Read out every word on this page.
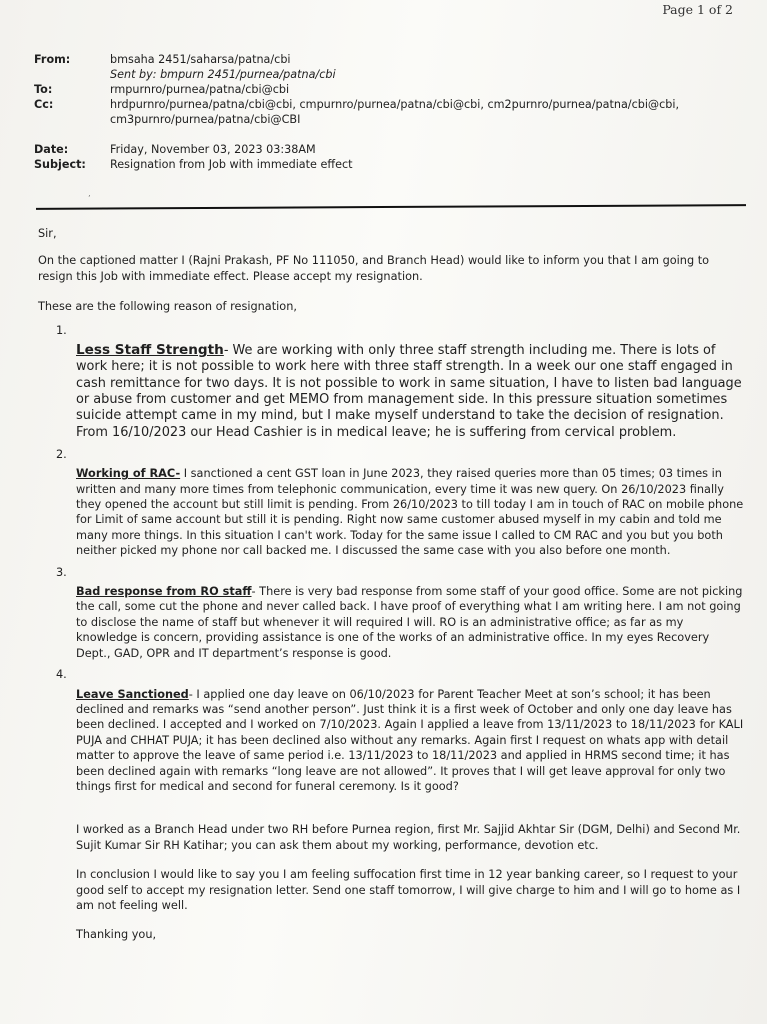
Page 1 of 2
From:	bmsaha 2451/saharsa/patna/cbi
Sent by: bmpurn 2451/purnea/patna/cbi
To:	rmpurnro/purnea/patna/cbi@cbi
Cc:	hrdpurnro/purnea/patna/cbi@cbi, cmpurnro/purnea/patna/cbi@cbi, cm2purnro/purnea/patna/cbi@cbi,
cm3purnro/purnea/patna/cbi@CBI
Date:	Friday, November 03, 2023 03:38AM
Subject:	Resignation from Job with immediate effect
’

Sir,

On the captioned matter I (Rajni Prakash, PF No 111050, and Branch Head) would like to inform you that I am going to resign this Job with immediate effect. Please accept my resignation.

These are the following reason of resignation,

1.
Less Staff Strength- We are working with only three staff strength including me. There is lots of work here; it is not possible to work here with three staff strength. In a week our one staff engaged in cash remittance for two days. It is not possible to work in same situation, I have to listen bad language or abuse from customer and get MEMO from management side. In this pressure situation sometimes suicide attempt came in my mind, but I make myself understand to take the decision of resignation. From 16/10/2023 our Head Cashier is in medical leave; he is suffering from cervical problem.
2.
Working of RAC- I sanctioned a cent GST loan in June 2023, they raised queries more than 05 times; 03 times in written and many more times from telephonic communication, every time it was new query. On 26/10/2023 finally they opened the account but still limit is pending. From 26/10/2023 to till today I am in touch of RAC on mobile phone for Limit of same account but still it is pending. Right now same customer abused myself in my cabin and told me many more things. In this situation I can't work. Today for the same issue I called to CM RAC and you but you both neither picked my phone nor call backed me. I discussed the same case with you also before one month.
3.
Bad response from RO staff- There is very bad response from some staff of your good office. Some are not picking the call, some cut the phone and never called back. I have proof of everything what I am writing here. I am not going to disclose the name of staff but whenever it will required I will. RO is an administrative office; as far as my knowledge is concern, providing assistance is one of the works of an administrative office. In my eyes Recovery Dept., GAD, OPR and IT department’s response is good.
4.
Leave Sanctioned- I applied one day leave on 06/10/2023 for Parent Teacher Meet at son’s school; it has been declined and remarks was “send another person”. Just think it is a first week of October and only one day leave has been declined. I accepted and I worked on 7/10/2023. Again I applied a leave from 13/11/2023 to 18/11/2023 for KALI PUJA and CHHAT PUJA; it has been declined also without any remarks. Again first I request on whats app with detail matter to approve the leave of same period i.e. 13/11/2023 to 18/11/2023 and applied in HRMS second time; it has been declined again with remarks “long leave are not allowed”. It proves that I will get leave approval for only two things first for medical and second for funeral ceremony. Is it good?

I worked as a Branch Head under two RH before Purnea region, first Mr. Sajjid Akhtar Sir (DGM, Delhi) and Second Mr. Sujit Kumar Sir RH Katihar; you can ask them about my working, performance, devotion etc.

In conclusion I would like to say you I am feeling suffocation first time in 12 year banking career, so I request to your good self to accept my resignation letter. Send one staff tomorrow, I will give charge to him and I will go to home as I am not feeling well.

Thanking you,
